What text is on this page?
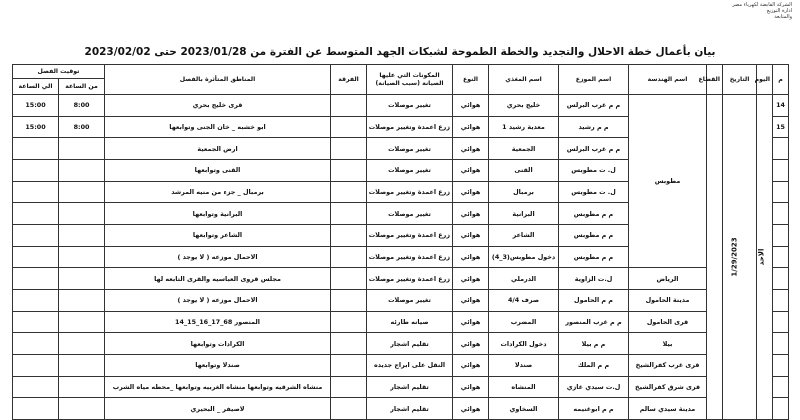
الشركة القابضة لكهرباء مصر
ادارة التوزيع
والمتابعة
بيان بأعمال خطة الاحلال والتجديد والخطة الطموحة لشبكات الجهد المتوسط عن الفترة من 2023/01/28 حتى 2023/02/02
م	اليوم	التاريخ	القطاع	اسم الهندسة	اسم الموزع	اسم المغذي	النوع	المكونات التي عليها الصيانة (سبب الصيانة)	الفرقة	المناطق المتأثرة بالفصل	توقيت الفصل	
											من الساعة	الي الساعة
14	الاحد	1/29/2023		مطوبس	م م غرب البرلس	خليج بحري	هوائي	تغيير موصلات		قرى خليج بحري	8:00	15:00
15					م م رشيد	معدية رشيد 1	هوائي	زرع اعمدة وتغيير موصلات		ابو خشبه _ خان الجنى وتوابعها	8:00	15:00
					م م غرب البرلس	الجمعية	هوائي	تغيير موصلات		ارض الجمعية		
					ل. ت مطوبس	القنى	هوائي	تغيير موصلات		القنى وتوابعها		
					ل. ت مطوبس	برمبال	هوائي	زرع اعمدة وتغيير موصلات		برمبال _ جزء من منيه المرشد		
					م م مطوبس	البرانية	هوائي	تغيير موصلات		البرانية وتوابعها		
					م م مطوبس	الشاعر	هوائي	زرع اعمدة وتغيير موصلات		الشاعر وتوابعها		
					م م مطوبس	دخول مطوبس(3_4)	هوائي	زرع اعمدة وتغيير موصلات		الاحمال موزعه ( لا يوجد )		
				الرياض	ل.ت الزاوية	الدرملي	هوائي	زرع اعمدة وتغيير موصلات		مجلس قروى العباسيه والقرى التابعه لها		
				مدينة الحامول	م م الحامول	صرف 4/4	هوائي	تغيير موصلات		الاحمال موزعه ( لا يوجد )		
				قرى الحامول	م م غرب المنصور	المضرب	هوائي	صيانه طارئه		14_15_16_17_68 المنصور		
				بيلا	م م بيلا	دخول الكرادات	هوائي	تقليم اشجار		الكرادات وتوابعها		
				قرى غرب كفرالشيخ	م م الملك	صندلا	هوائي	النقل على ابراج جديده		صندلا وتوابعها		
				قرى شرق كفرالشيخ	ل.ت سيدي غازي	المنشاه	هوائي	تقليم اشجار		منشاه الشرقيه وتوابعها منشاه الغربيه وتوابعها _محطه مياه الشرب		
				مدينة سيدي سالم	م م ابوغنيمه	السخاوي	هوائي	تقليم اشجار		لاصيفر _ البحيري		
